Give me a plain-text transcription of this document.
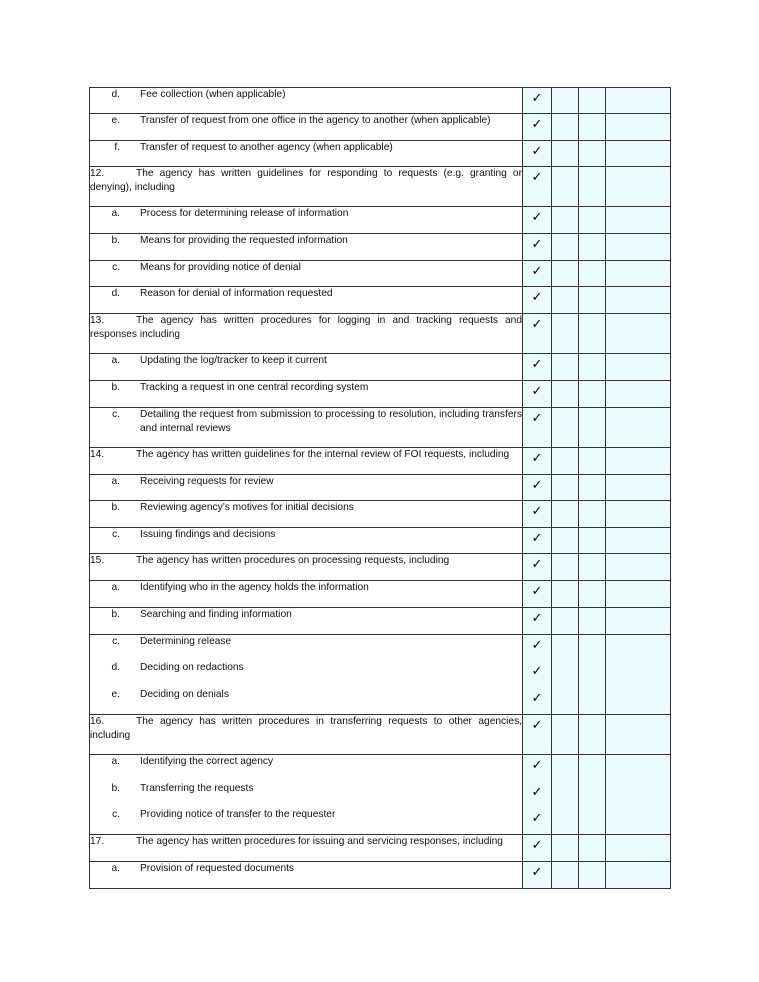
d. Fee collection (when applicable)	✓			

e. Transfer of request from one office in the agency to another (when applicable)	✓			

f. Transfer of request to another agency (when applicable)	✓			

12. The agency has written guidelines for responding to requests (e.g. granting or denying), including	✓			

a. Process for determining release of information	✓			

b. Means for providing the requested information	✓			

c. Means for providing notice of denial	✓			

d. Reason for denial of information requested	✓			

13. The agency has written procedures for logging in and tracking requests and responses including	✓			

a. Updating the log/tracker to keep it current	✓			

b. Tracking a request in one central recording system	✓			

c. Detailing the request from submission to processing to resolution, including transfers and internal reviews	✓			

14. The agency has written guidelines for the internal review of FOI requests, including	✓			

a. Receiving requests for review	✓			

b. Reviewing agency’s motives for initial decisions	✓			

c. Issuing findings and decisions	✓			

15. The agency has written procedures on processing requests, including	✓			

a. Identifying who in the agency holds the information	✓			

b. Searching and finding information	✓			

c. Determining release	✓			

d. Deciding on redactions	✓			

e. Deciding on denials	✓			

16. The agency has written procedures in transferring requests to other agencies, including	✓			

a. Identifying the correct agency	✓			

b. Transferring the requests	✓			

c. Providing notice of transfer to the requester	✓			

17. The agency has written procedures for issuing and servicing responses, including	✓			

a. Provision of requested documents	✓			
